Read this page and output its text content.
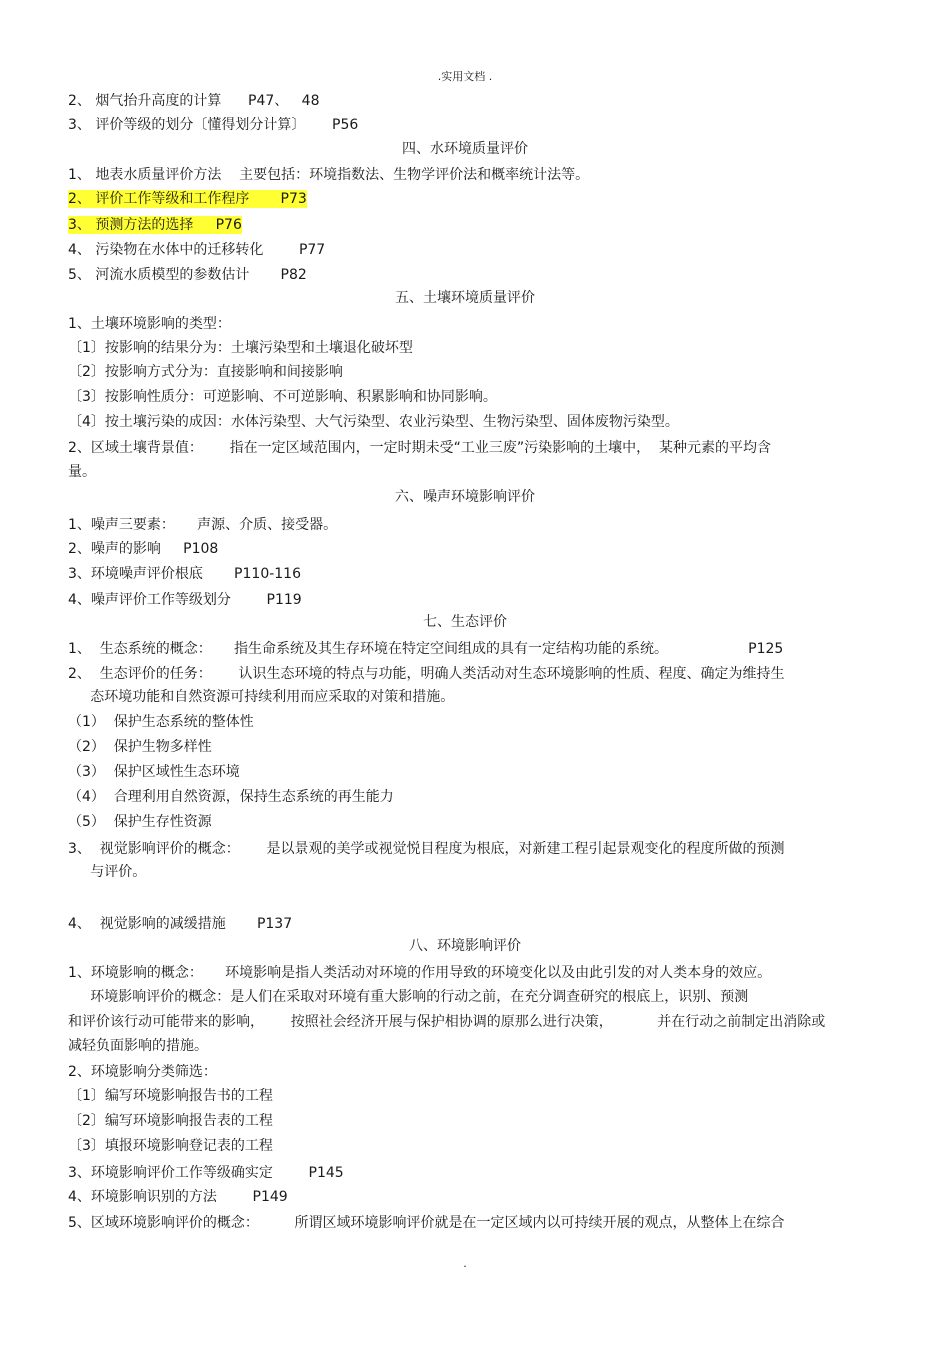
.实用文档 .

2、 烟气抬升高度的计算      P47、   48

3、 评价等级的划分〔懂得划分计算〕      P56

四、水环境质量评价

1、 地表水质量评价方法    主要包括：环境指数法、生物学评价法和概率统计法等。

2、 评价工作等级和工作程序       P73

3、 预测方法的选择     P76

4、 污染物在水体中的迁移转化        P77

5、 河流水质模型的参数估计       P82

五、土壤环境质量评价

1、土壤环境影响的类型：

〔1〕按影响的结果分为：土壤污染型和土壤退化破坏型

〔2〕按影响方式分为：直接影响和间接影响

〔3〕按影响性质分：可逆影响、不可逆影响、积累影响和协同影响。

〔4〕按土壤污染的成因：水体污染型、大气污染型、农业污染型、生物污染型、固体废物污染型。

2、区域土壤背景值：      指在一定区域范围内，一定时期未受“工业三废”污染影响的土壤中，  某种元素的平均含

量。

六、噪声环境影响评价

1、噪声三要素：     声源、介质、接受器。

2、噪声的影响     P108

3、环境噪声评价根底       P110-116

4、噪声评价工作等级划分        P119

七、生态评价

1、  生态系统的概念：     指生命系统及其生存环境在特定空间组成的具有一定结构功能的系统。                  P125

2、  生态评价的任务：      认识生态环境的特点与功能，明确人类活动对生态环境影响的性质、程度、确定为维持生

态环境功能和自然资源可持续利用而应采取的对策和措施。

（1）  保护生态系统的整体性

（2）  保护生物多样性

（3）  保护区域性生态环境

（4）  合理利用自然资源，保持生态系统的再生能力

（5）  保护生存性资源

3、  视觉影响评价的概念：      是以景观的美学或视觉悦目程度为根底，对新建工程引起景观变化的程度所做的预测

与评价。

4、  视觉影响的减缓措施       P137

八、环境影响评价

1、环境影响的概念：     环境影响是指人类活动对环境的作用导致的环境变化以及由此引发的对人类本身的效应。

环境影响评价的概念：是人们在采取对环境有重大影响的行动之前，在充分调查研究的根底上，识别、预测

和评价该行动可能带来的影响，      按照社会经济开展与保护相协调的原那么进行决策，          并在行动之前制定出消除或

减轻负面影响的措施。

2、环境影响分类筛选：

〔1〕编写环境影响报告书的工程

〔2〕编写环境影响报告表的工程

〔3〕填报环境影响登记表的工程

3、环境影响评价工作等级确实定        P145

4、环境影响识别的方法        P149

5、区域环境影响评价的概念：        所谓区域环境影响评价就是在一定区域内以可持续开展的观点，从整体上在综合

.
